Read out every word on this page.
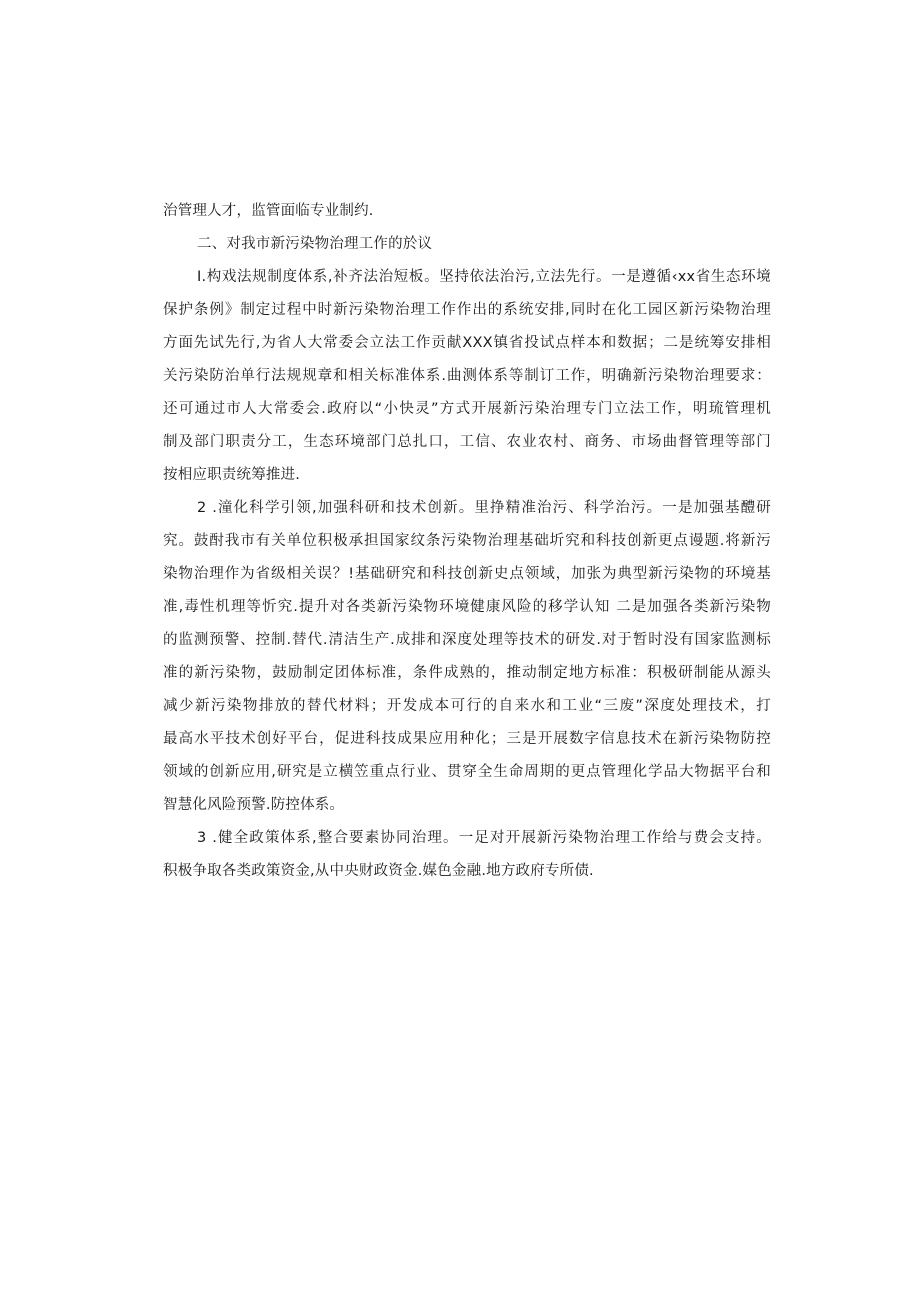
治管理人才，监管面临专业制约.
二、对我市新污染物治理工作的於议
I.构戏法规制度体系,补齐法治短板。坚持依法治污,立法先行。一是遵循‹xx省生态环境
保护条例》制定过程中时新污染物治理工作作出的系统安排,同时在化工园区新污染物治理
方面先试先行,为省人大常委会立法工作贡献XXX镇省投试点样本和数据；二是统筹安排相
关污染防治单行法规规章和相关标准体系.曲测体系等制订工作，明确新污染物治理要求：
还可通过市人大常委会.政府以“小快灵”方式开展新污染治理专门立法工作，明琉管理机
制及部门职责分工，生态环境部门总扎口，工信、农业农村、商务、市场曲督管理等部门
按相应职责统筹推进.
2 .潼化科学引领,加强科研和技术创新。里挣精准治污、科学治污。一是加强基醴研
究。鼓酎我市有关单位积极承担国家纹条污染物治理基础圻究和科技创新更点谩题.将新污
染物治理作为省级相关误？!基础研究和科技创新史点领域，加张为典型新污染物的环境基
准,毒性机理等忻究.提升对各类新污染物环境健康风险的移学认知 二是加强各类新污染物
的监测预警、控制.替代.清洁生产.成排和深度处理等技术的研发.对于暂时没有国家监测标
准的新污染物，鼓励制定团体标准，条件成熟的，推动制定地方标准：积极研制能从源头
减少新污染物排放的替代材料；开发成本可行的自来水和工业“三废”深度处理技术，打
最高水平技术创好平台，促进科技成果应用种化；三是开展数字信息技术在新污染物防控
领域的创新应用,研究是立横笠重点行业、贯穿全生命周期的更点管理化学品大物据平台和
智慧化风险预警.防控体系。
3 .健全政策体系,整合要素协同治理。一足对开展新污染物治理工作给与费会支持。
积极争取各类政策资金,从中央财政资金.媒色金融.地方政府专所债.
